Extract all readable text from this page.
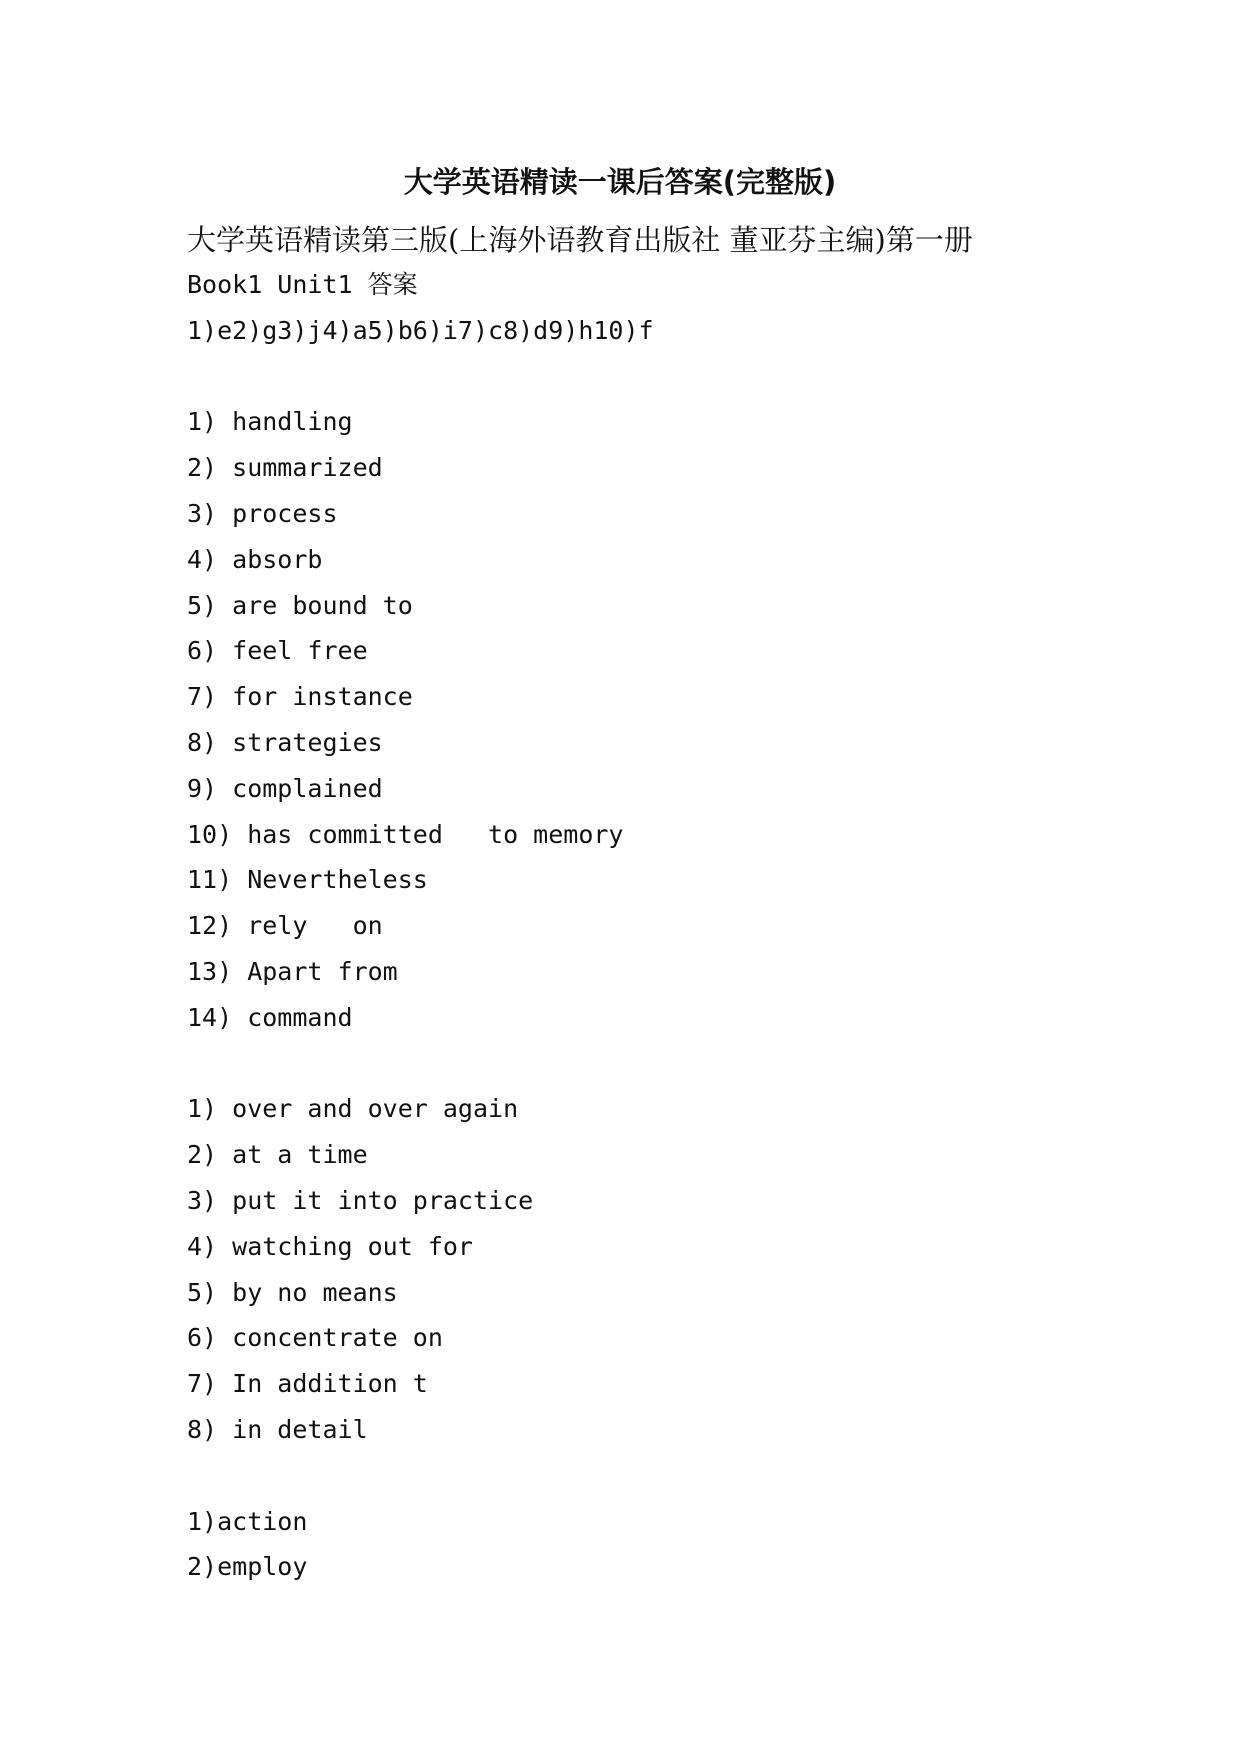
大学英语精读一课后答案(完整版)
大学英语精读第三版(上海外语教育出版社 董亚芬主编)第一册
Book1 Unit1 答案
1)e2)g3)j4)a5)b6)i7)c8)d9)h10)f
1) handling
2) summarized
3) process
4) absorb
5) are bound to
6) feel free
7) for instance
8) strategies
9) complained
10) has committed   to memory
11) Nevertheless
12) rely   on
13) Apart from
14) command
1) over and over again
2) at a time
3) put it into practice
4) watching out for
5) by no means
6) concentrate on
7) In addition t
8) in detail
1)action
2)employ
